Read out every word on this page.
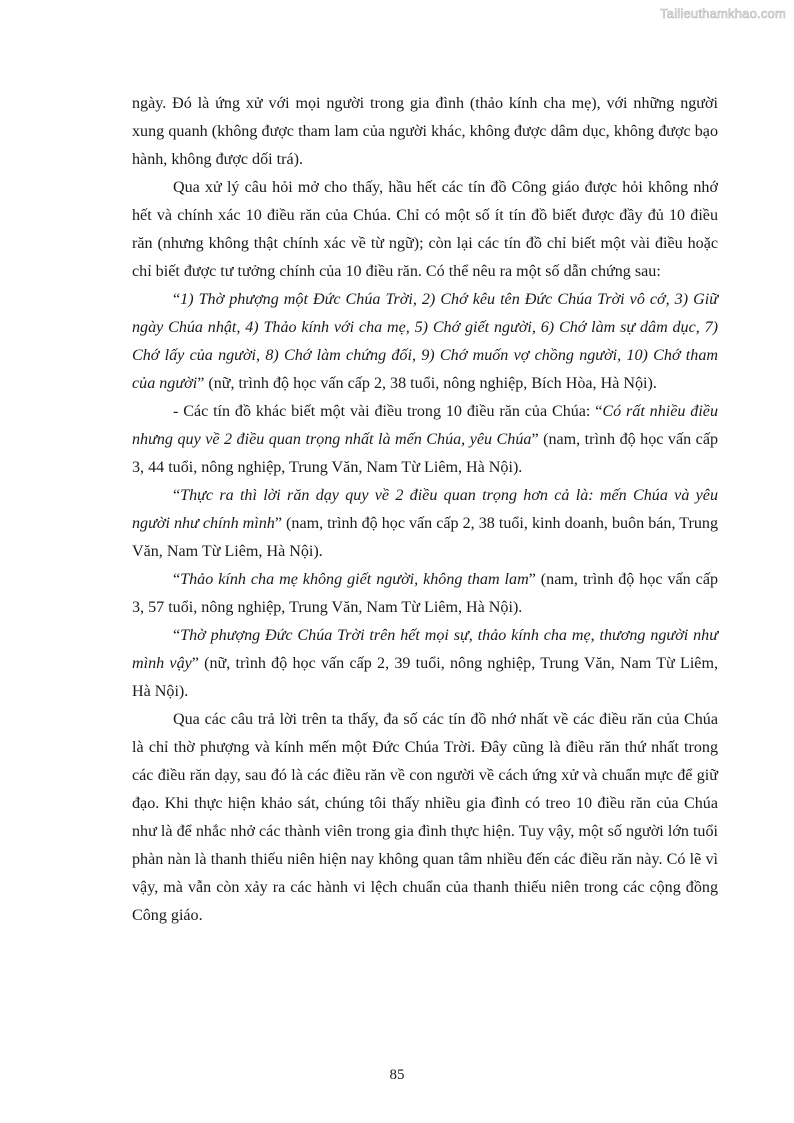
Tailieuthamkhao.com

ngày. Đó là ứng xử với mọi người trong gia đình (thảo kính cha mẹ), với những người xung quanh (không được tham lam của người khác, không được dâm dục, không được bạo hành, không được dối trá).

Qua xử lý câu hỏi mở cho thấy, hầu hết các tín đồ Công giáo được hỏi không nhớ hết và chính xác 10 điều răn của Chúa. Chỉ có một số ít tín đồ biết được đầy đủ 10 điều răn (nhưng không thật chính xác về từ ngữ); còn lại các tín đồ chỉ biết một vài điều hoặc chỉ biết được tư tưởng chính của 10 điều răn. Có thể nêu ra một số dẫn chứng sau:

“1) Thờ phượng một Đức Chúa Trời, 2) Chớ kêu tên Đức Chúa Trời vô cớ, 3) Giữ ngày Chúa nhật, 4) Thảo kính với cha mẹ, 5) Chớ giết người, 6) Chớ làm sự dâm dục, 7) Chớ lấy của người, 8) Chớ làm chứng đối, 9) Chớ muốn vợ chồng người, 10) Chớ tham của người” (nữ, trình độ học vấn cấp 2, 38 tuổi, nông nghiệp, Bích Hòa, Hà Nội).

- Các tín đồ khác biết một vài điều trong 10 điều răn của Chúa: “Có rất nhiều điều nhưng quy về 2 điều quan trọng nhất là mến Chúa, yêu Chúa” (nam, trình độ học vấn cấp 3, 44 tuổi, nông nghiệp, Trung Văn, Nam Từ Liêm, Hà Nội).

“Thực ra thì lời răn dạy quy về 2 điều quan trọng hơn cả là: mến Chúa và yêu người như chính mình” (nam, trình độ học vấn cấp 2, 38 tuổi, kinh doanh, buôn bán, Trung Văn, Nam Từ Liêm, Hà Nội).

“Thảo kính cha mẹ không giết người, không tham lam” (nam, trình độ học vấn cấp 3, 57 tuổi, nông nghiệp, Trung Văn, Nam Từ Liêm, Hà Nội).

“Thờ phượng Đức Chúa Trời trên hết mọi sự, thảo kính cha mẹ, thương người như mình vậy” (nữ, trình độ học vấn cấp 2, 39 tuổi, nông nghiệp, Trung Văn, Nam Từ Liêm, Hà Nội).

Qua các câu trả lời trên ta thấy, đa số các tín đồ nhớ nhất về các điều răn của Chúa là chỉ thờ phượng và kính mến một Đức Chúa Trời. Đây cũng là điều răn thứ nhất trong các điều răn dạy, sau đó là các điều răn về con người về cách ứng xử và chuẩn mực để giữ đạo. Khi thực hiện khảo sát, chúng tôi thấy nhiều gia đình có treo 10 điều răn của Chúa như là để nhắc nhở các thành viên trong gia đình thực hiện. Tuy vậy, một số người lớn tuổi phàn nàn là thanh thiếu niên hiện nay không quan tâm nhiều đến các điều răn này. Có lẽ vì vậy, mà vẫn còn xảy ra các hành vi lệch chuẩn của thanh thiếu niên trong các cộng đồng Công giáo.

85
